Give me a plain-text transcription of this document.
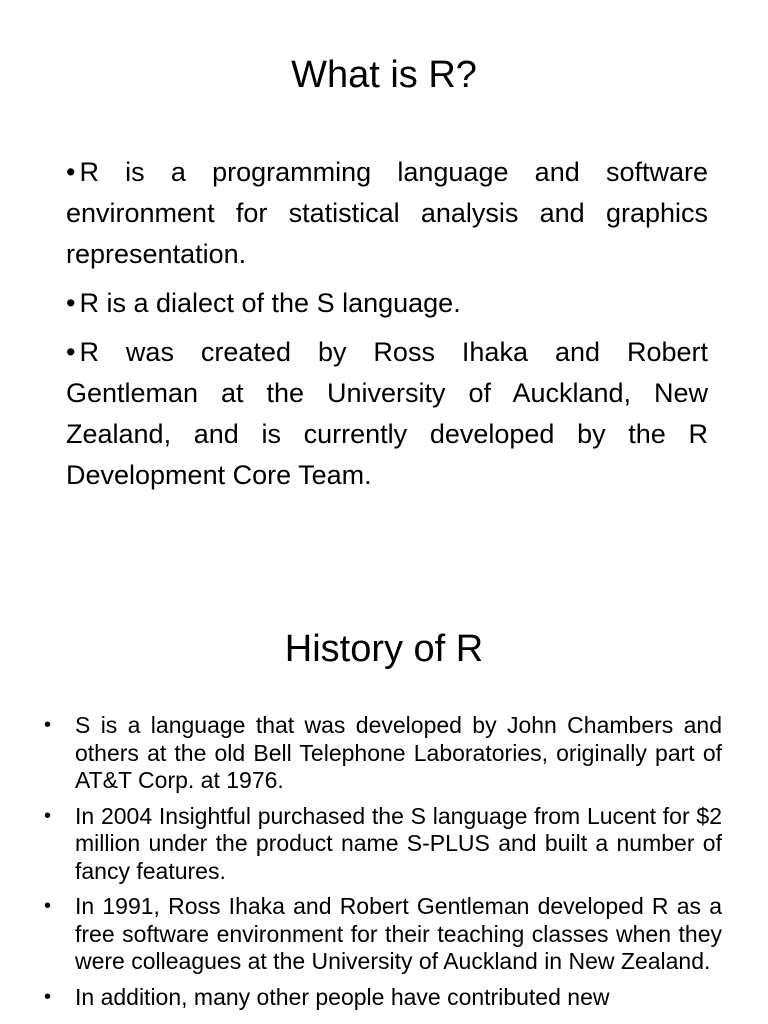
What is R?
• R is a programming language and software environment for statistical analysis and graphics representation.
• R is a dialect of the S language.
• R was created by Ross Ihaka and Robert Gentleman at the University of Auckland, New Zealand, and is currently developed by the R Development Core Team.
History of R
• S is a language that was developed by John Chambers and others at the old Bell Telephone Laboratories, originally part of AT&T Corp. at 1976.
• In 2004 Insightful purchased the S language from Lucent for $2 million under the product name S-PLUS and built a number of fancy features.
• In 1991, Ross Ihaka and Robert Gentleman developed R as a free software environment for their teaching classes when they were colleagues at the University of Auckland in New Zealand.
• In addition, many other people have contributed new
